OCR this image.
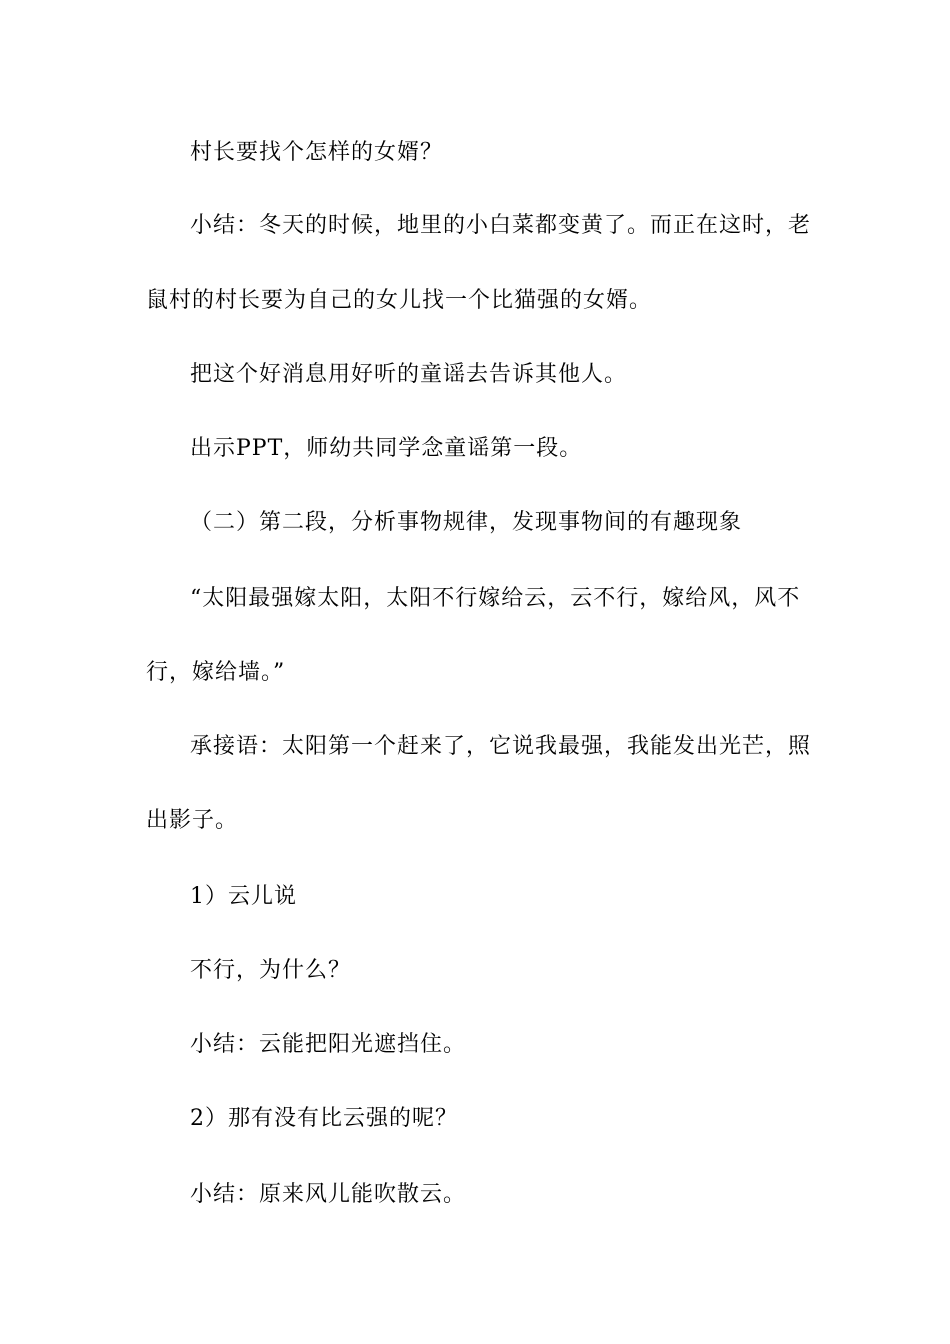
村长要找个怎样的女婿？
小结：冬天的时候，地里的小白菜都变黄了。而正在这时，老
鼠村的村长要为自己的女儿找一个比猫强的女婿。
把这个好消息用好听的童谣去告诉其他人。
出示PPT，师幼共同学念童谣第一段。
（二）第二段，分析事物规律，发现事物间的有趣现象
“太阳最强嫁太阳，太阳不行嫁给云，云不行，嫁给风，风不
行，嫁给墙。”
承接语：太阳第一个赶来了，它说我最强，我能发出光芒，照
出影子。
1）云儿说
不行，为什么？
小结：云能把阳光遮挡住。
2）那有没有比云强的呢？
小结：原来风儿能吹散云。
